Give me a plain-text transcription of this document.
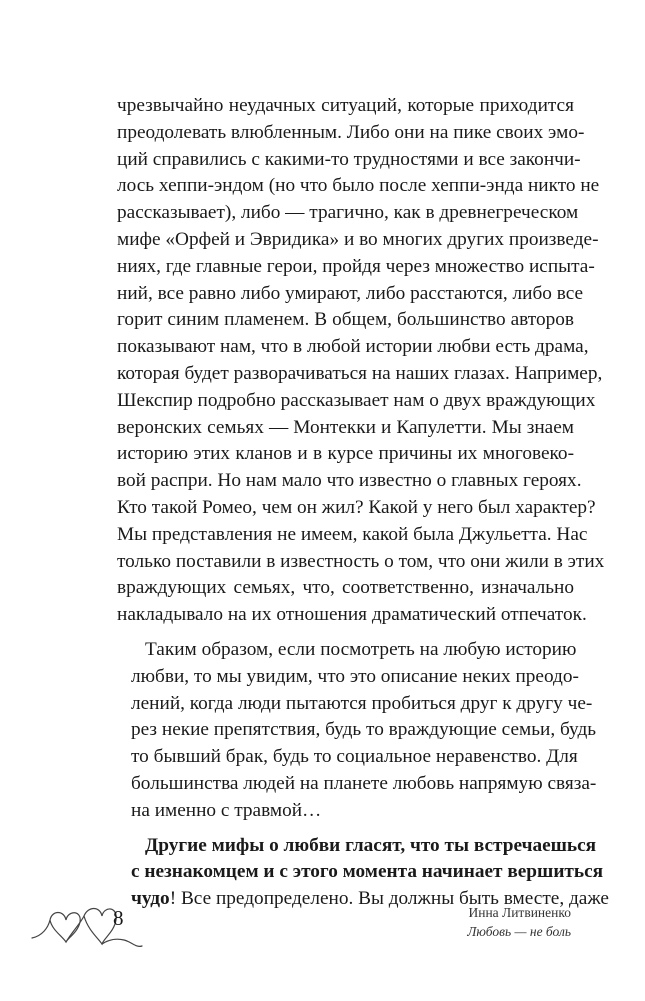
чрезвычайно неудачных ситуаций, которые приходится
преодолевать влюбленным. Либо они на пике своих эмо-
ций справились с какими-то трудностями и все закончи-
лось хеппи-эндом (но что было после хеппи-энда никто не
рассказывает), либо — трагично, как в древнегреческом
мифе «Орфей и Эвридика» и во многих других произведе-
ниях, где главные герои, пройдя через множество испыта-
ний, все равно либо умирают, либо расстаются, либо все
горит синим пламенем. В общем, большинство авторов
показывают нам, что в любой истории любви есть драма,
которая будет разворачиваться на наших глазах. Например,
Шекспир подробно рассказывает нам о двух враждующих
веронских семьях — Монтекки и Капулетти. Мы знаем
историю этих кланов и в курсе причины их многовеко-
вой распри. Но нам мало что известно о главных героях.
Кто такой Ромео, чем он жил? Какой у него был характер?
Мы представления не имеем, какой была Джульетта. Нас
только поставили в известность о том, что они жили в этих
враждующих семьях, что, соответственно, изначально
накладывало на их отношения драматический отпечаток.

Таким образом, если посмотреть на любую историю
любви, то мы увидим, что это описание неких преодо-
лений, когда люди пытаются пробиться друг к другу че-
рез некие препятствия, будь то враждующие семьи, будь
то бывший брак, будь то социальное неравенство. Для
большинства людей на планете любовь напрямую связа-
на именно с травмой…

Другие мифы о любви гласят, что ты встречаешься
с незнакомцем и с этого момента начинает вершиться
чудо! Все предопределено. Вы должны быть вместе, даже

8	Инна Литвиненко
Любовь — не боль
